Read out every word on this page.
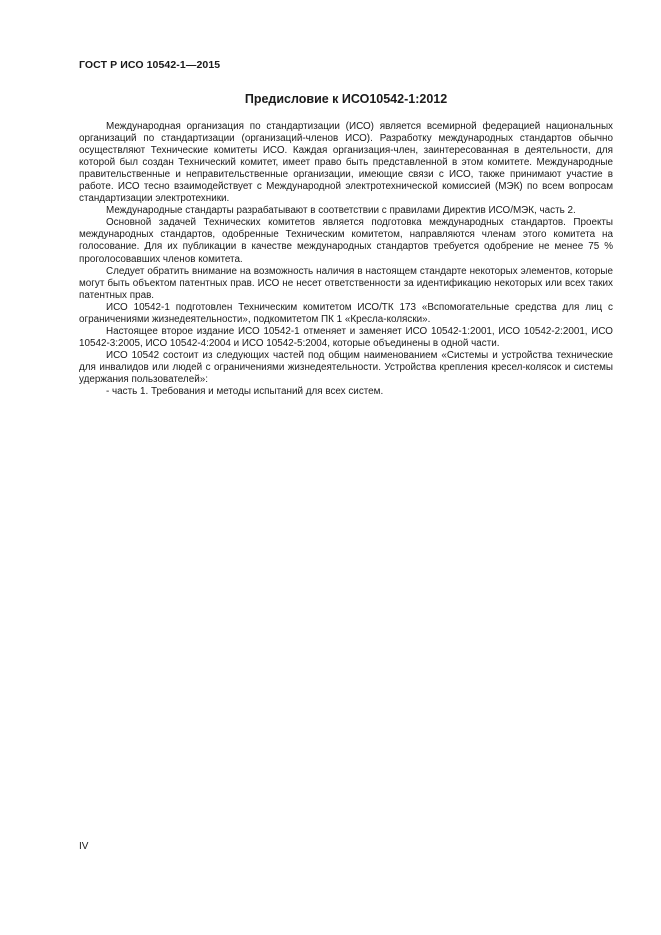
ГОСТ Р ИСО 10542-1—2015
Предисловие к ИСО10542-1:2012

Международная организация по стандартизации (ИСО) является всемирной федерацией национальных организаций по стандартизации (организаций-членов ИСО). Разработку международных стандартов обычно осуществляют Технические комитеты ИСО. Каждая организация-член, заинтересованная в деятельности, для которой был создан Технический комитет, имеет право быть представленной в этом комитете. Международные правительственные и неправительственные организации, имеющие связи с ИСО, также принимают участие в работе. ИСО тесно взаимодействует с Международной электротехнической комиссией (МЭК) по всем вопросам стандартизации электротехники.

Международные стандарты разрабатывают в соответствии с правилами Директив ИСО/МЭК, часть 2.

Основной задачей Технических комитетов является подготовка международных стандартов. Проекты международных стандартов, одобренные Техническим комитетом, направляются членам этого комитета на голосование. Для их публикации в качестве международных стандартов требуется одобрение не менее 75 % проголосовавших членов комитета.

Следует обратить внимание на возможность наличия в настоящем стандарте некоторых элементов, которые могут быть объектом патентных прав. ИСО не несет ответственности за идентификацию некоторых или всех таких патентных прав.

ИСО 10542-1 подготовлен Техническим комитетом ИСО/ТК 173 «Вспомогательные средства для лиц с ограничениями жизнедеятельности», подкомитетом ПК 1 «Кресла-коляски».

Настоящее второе издание ИСО 10542-1 отменяет и заменяет ИСО 10542-1:2001, ИСО 10542-2:2001, ИСО 10542-3:2005, ИСО 10542-4:2004 и ИСО 10542-5:2004, которые объединены в одной части.

ИСО 10542 состоит из следующих частей под общим наименованием «Системы и устройства технические для инвалидов или людей с ограничениями жизнедеятельности. Устройства крепления кресел-колясок и системы удержания пользователей»:

- часть 1. Требования и методы испытаний для всех систем.

IV
